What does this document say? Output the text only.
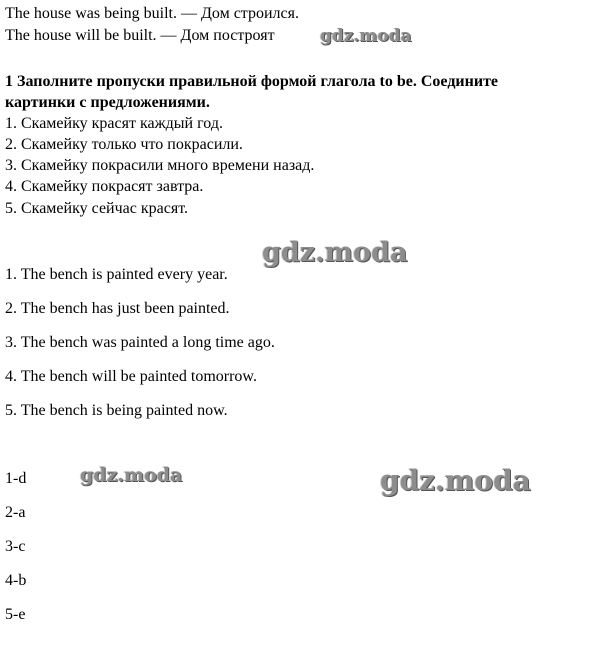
The house was being built. — Дом строился.
The house will be built. — Дом построят	gdz.moda
1 Заполните пропуски правильной формой глагола to be. Соедините
картинки с предложениями.
1. Скамейку красят каждый год.
2. Скамейку только что покрасили.
3. Скамейку покрасили много времени назад.
4. Скамейку покрасят завтра.
5. Скамейку сейчас красят.
gdz.moda
1. The bench is painted every year.
2. The bench has just been painted.
3. The bench was painted a long time ago.
4. The bench will be painted tomorrow.
5. The bench is being painted now.
1-d
2-a
3-c
4-b
5-e
gdz.moda	gdz.moda
